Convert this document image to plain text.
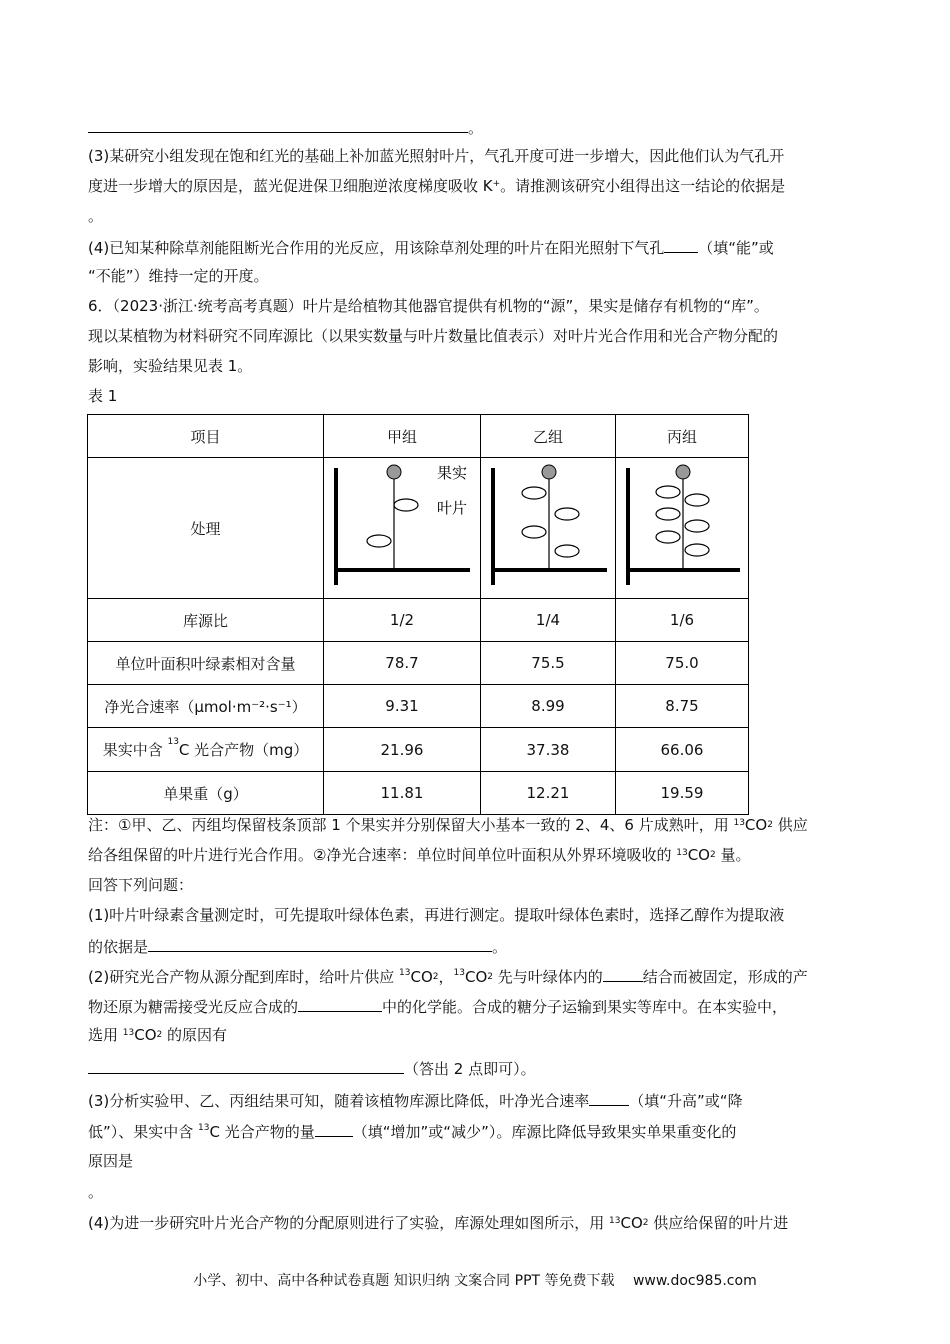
。
(3)某研究小组发现在饱和红光的基础上补加蓝光照射叶片，气孔开度可进一步增大，因此他们认为气孔开
度进一步增大的原因是，蓝光促进保卫细胞逆浓度梯度吸收 K+。请推测该研究小组得出这一结论的依据是
。
(4)已知某种除草剂能阻断光合作用的光反应，用该除草剂处理的叶片在阳光照射下气孔 （填“能”或
“不能”）维持一定的开度。
6．（2023·浙江·统考高考真题）叶片是给植物其他器官提供有机物的“源”，果实是储存有机物的“库”。
现以某植物为材料研究不同库源比（以果实数量与叶片数量比值表示）对叶片光合作用和光合产物分配的
影响，实验结果见表 1。
表 1
项目	甲组	乙组	丙组
处理	果实
叶片

库源比	1/2	1/4	1/6
单位叶面积叶绿素相对含量	78.7	75.5	75.0
净光合速率（μmol·m⁻²·s⁻¹）	9.31	8.99	8.75
果实中含 $^{13}$C 光合产物（mg）	21.96	37.38	66.06
单果重（g）	11.81	12.21	19.59
注：①甲、乙、丙组均保留枝条顶部 1 个果实并分别保留大小基本一致的 2、4、6 片成熟叶，用 $^{13}$CO2 供应
给各组保留的叶片进行光合作用。②净光合速率：单位时间单位叶面积从外界环境吸收的 $^{13}$CO2 量。
回答下列问题：
(1)叶片叶绿素含量测定时，可先提取叶绿体色素，再进行测定。提取叶绿体色素时，选择乙醇作为提取液
的依据是	。
(2)研究光合产物从源分配到库时，给叶片供应 $^{13}$CO2，$^{13}$CO2 先与叶绿体内的	结合而被固定，形成的产
物还原为糖需接受光反应合成的	中的化学能。合成的糖分子运输到果实等库中。在本实验中，
选用 $^{13}$CO2 的原因有
（答出 2 点即可）。
(3)分析实验甲、乙、丙组结果可知，随着该植物库源比降低，叶净光合速率	（填“升高”或“降
低”）、果实中含 $^{13}$C 光合产物的量	（填“增加”或“减少”）。库源比降低导致果实单果重变化的
原因是
。
(4)为进一步研究叶片光合产物的分配原则进行了实验，库源处理如图所示，用 $^{13}$CO2 供应给保留的叶片进
小学、初中、高中各种试卷真题 知识归纳 文案合同 PPT 等免费下载　 www.doc985.com
